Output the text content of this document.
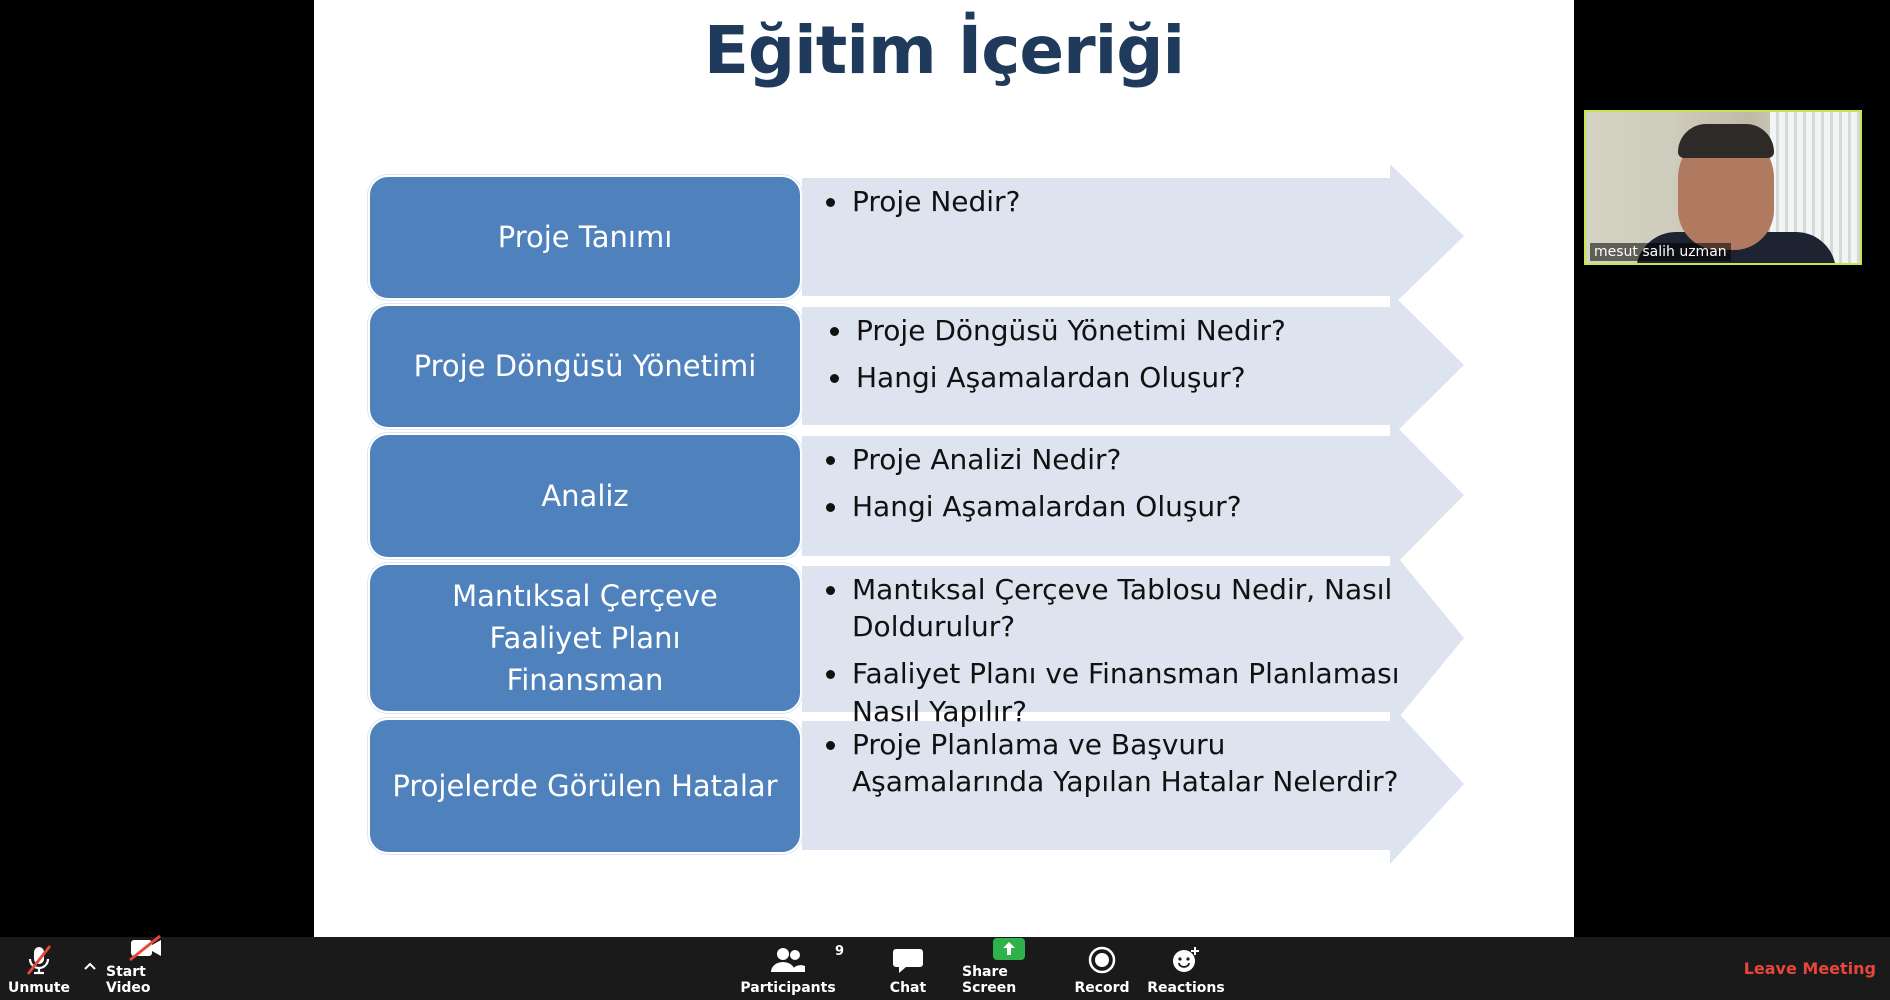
Eğitim İçeriği
Proje Tanımı
Proje Nedir?
Proje Döngüsü Yönetimi
Proje Döngüsü Yönetimi Nedir?
Hangi Aşamalardan Oluşur?
Analiz
Proje Analizi Nedir?
Hangi Aşamalardan Oluşur?
Mantıksal Çerçeve
Faaliyet Planı
Finansman
Mantıksal Çerçeve Tablosu Nedir, Nasıl Doldurulur?
Faaliyet Planı ve Finansman Planlaması Nasıl Yapılır?
Projelerde Görülen Hatalar
Proje Planlama ve Başvuru Aşamalarında Yapılan Hatalar Nelerdir?
mesut salih uzman
Unmute
Start Video
9
Participants	Chat
Share Screen	Record Reactions
Leave Meeting
